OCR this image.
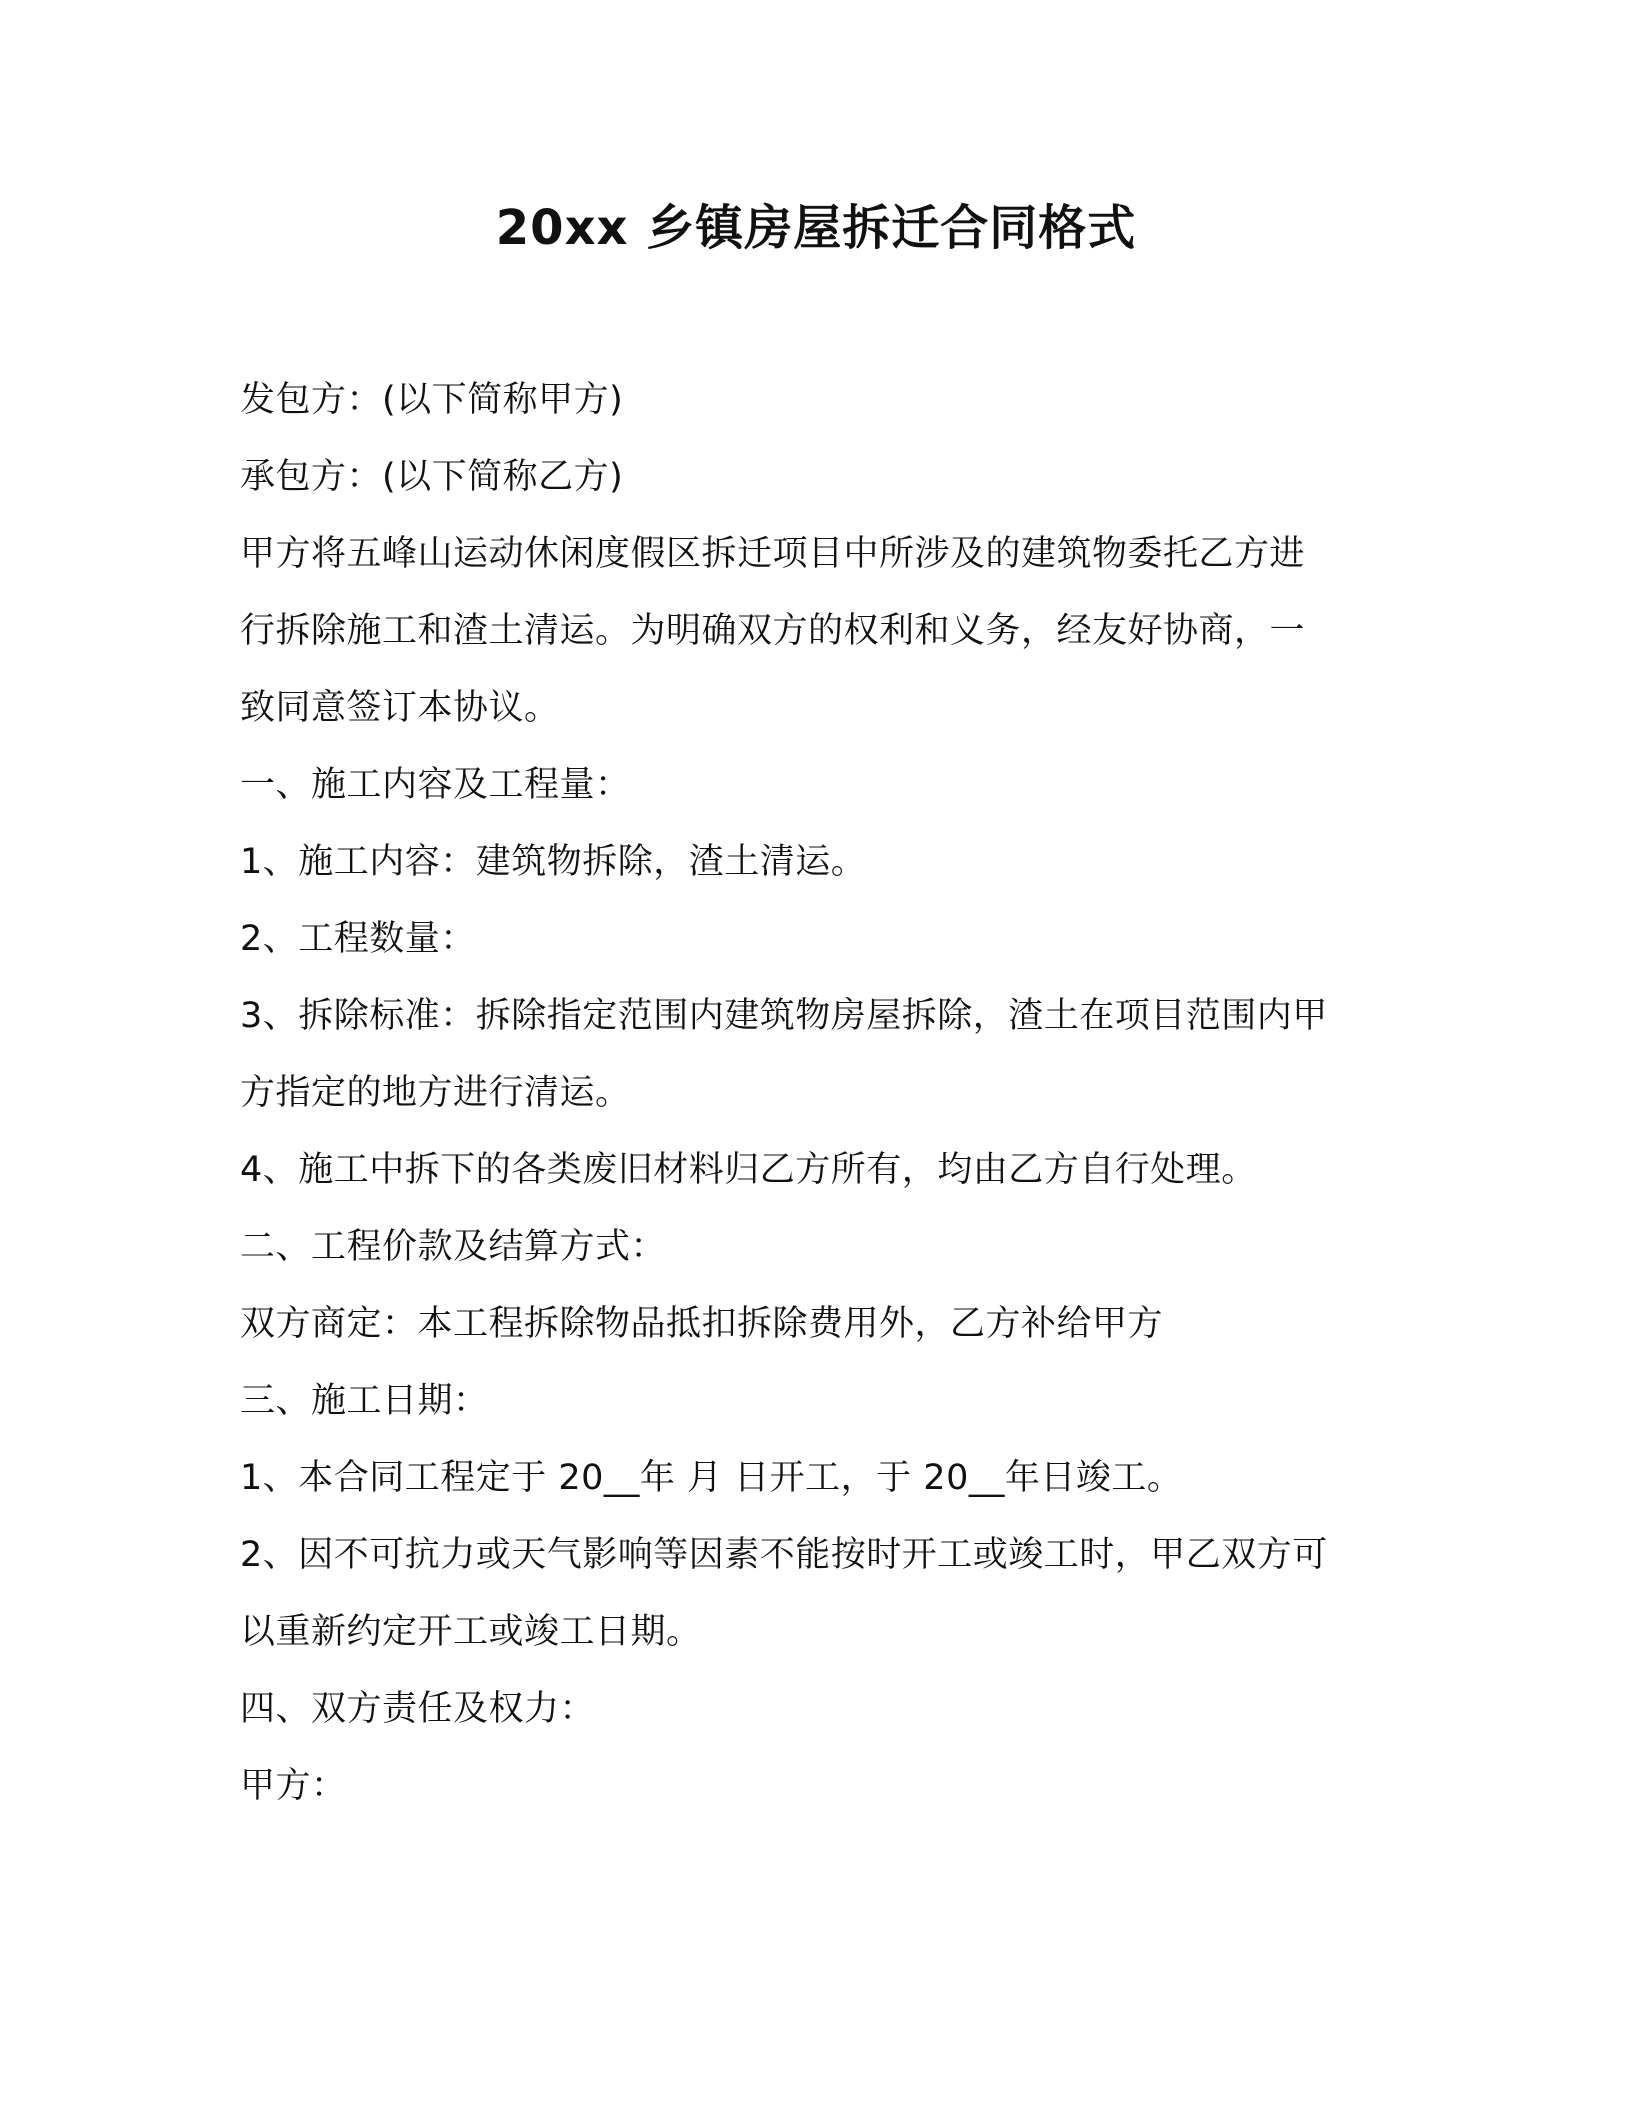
20xx 乡镇房屋拆迁合同格式
发包方：(以下简称甲方)
承包方：(以下简称乙方)
甲方将五峰山运动休闲度假区拆迁项目中所涉及的建筑物委托乙方进
行拆除施工和渣土清运。为明确双方的权利和义务，经友好协商，一
致同意签订本协议。
一、施工内容及工程量：
1、施工内容：建筑物拆除，渣土清运。
2、工程数量：
3、拆除标准：拆除指定范围内建筑物房屋拆除，渣土在项目范围内甲
方指定的地方进行清运。
4、施工中拆下的各类废旧材料归乙方所有，均由乙方自行处理。
二、工程价款及结算方式：
双方商定：本工程拆除物品抵扣拆除费用外，乙方补给甲方
三、施工日期：
1、本合同工程定于 20__年 月 日开工，于 20__年日竣工。
2、因不可抗力或天气影响等因素不能按时开工或竣工时，甲乙双方可
以重新约定开工或竣工日期。
四、双方责任及权力：
甲方：
